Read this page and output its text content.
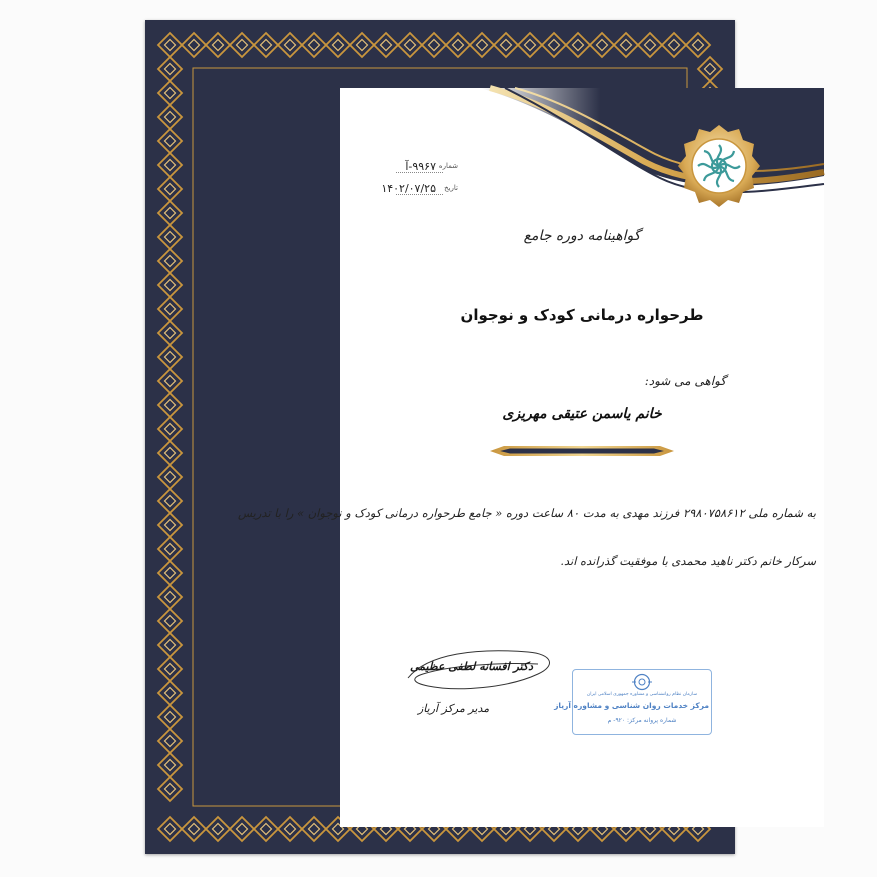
شماره
۹۹۶۷-آ
تاریخ
۱۴۰۲/۰۷/۲۵
گواهینامه دوره جامع
طرحواره درمانی کودک و نوجوان
گواهی می شود:
خانم یاسمن عتیقی مهریزی
به شماره ملی ۲۹۸۰۷۵۸۶۱۲ فرزند مهدی به مدت ۸۰ ساعت دوره « جامع طرحواره درمانی کودک و نوجوان » را با تدریس
سرکار خانم دکتر ناهید محمدی با موفقیت گذرانده اند.
سازمان نظام روانشناسی و مشاوره جمهوری اسلامی ایران
مرکز خدمات روان شناسی و مشاوره آریاز
شماره پروانه مرکز: ۹۲۰- م
دکتر افسانه لطفی عظیمی
مدیر مرکز آریاز
